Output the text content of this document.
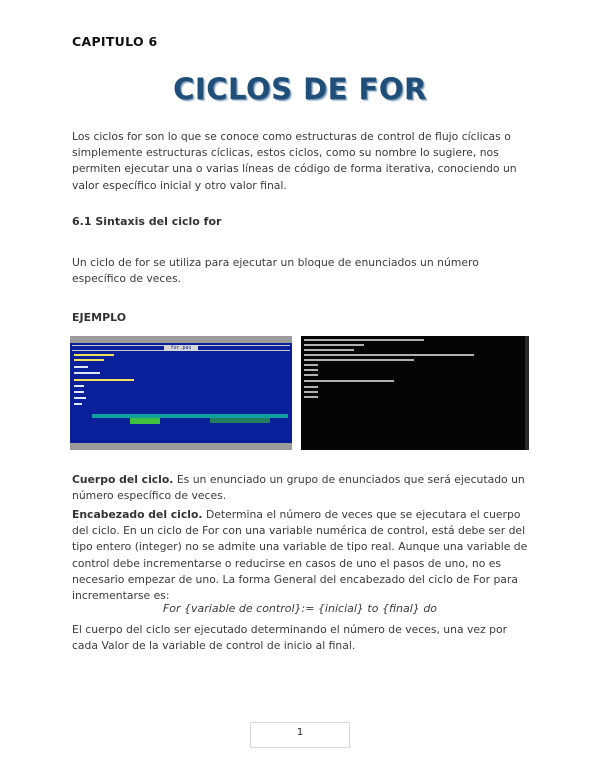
CAPITULO 6
CICLOS DE FOR
Los ciclos for son lo que se conoce como estructuras de control de flujo cíclicas o simplemente estructuras cíclicas, estos ciclos, como su nombre lo sugiere, nos permiten ejecutar una o varias líneas de código de forma iterativa, conociendo un valor específico inicial y otro valor final.
6.1 Sintaxis del ciclo for
Un ciclo de for se utiliza para ejecutar un bloque de enunciados un número específico de veces.
EJEMPLO
for.pas
Cuerpo del ciclo. Es un enunciado un grupo de enunciados que será ejecutado un número específico de veces.
Encabezado del ciclo. Determina el número de veces que se ejecutara el cuerpo del ciclo. En un ciclo de For con una variable numérica de control, está debe ser del tipo entero (integer) no se admite una variable de tipo real. Aunque una variable de control debe incrementarse o reducirse en casos de uno el pasos de uno, no es necesario empezar de uno. La forma General del encabezado del ciclo de For para incrementarse es:
For {variable de control}:= {inicial} to {final} do
El cuerpo del ciclo ser ejecutado determinando el número de veces, una vez por cada Valor de la variable de control de inicio al final.
1
